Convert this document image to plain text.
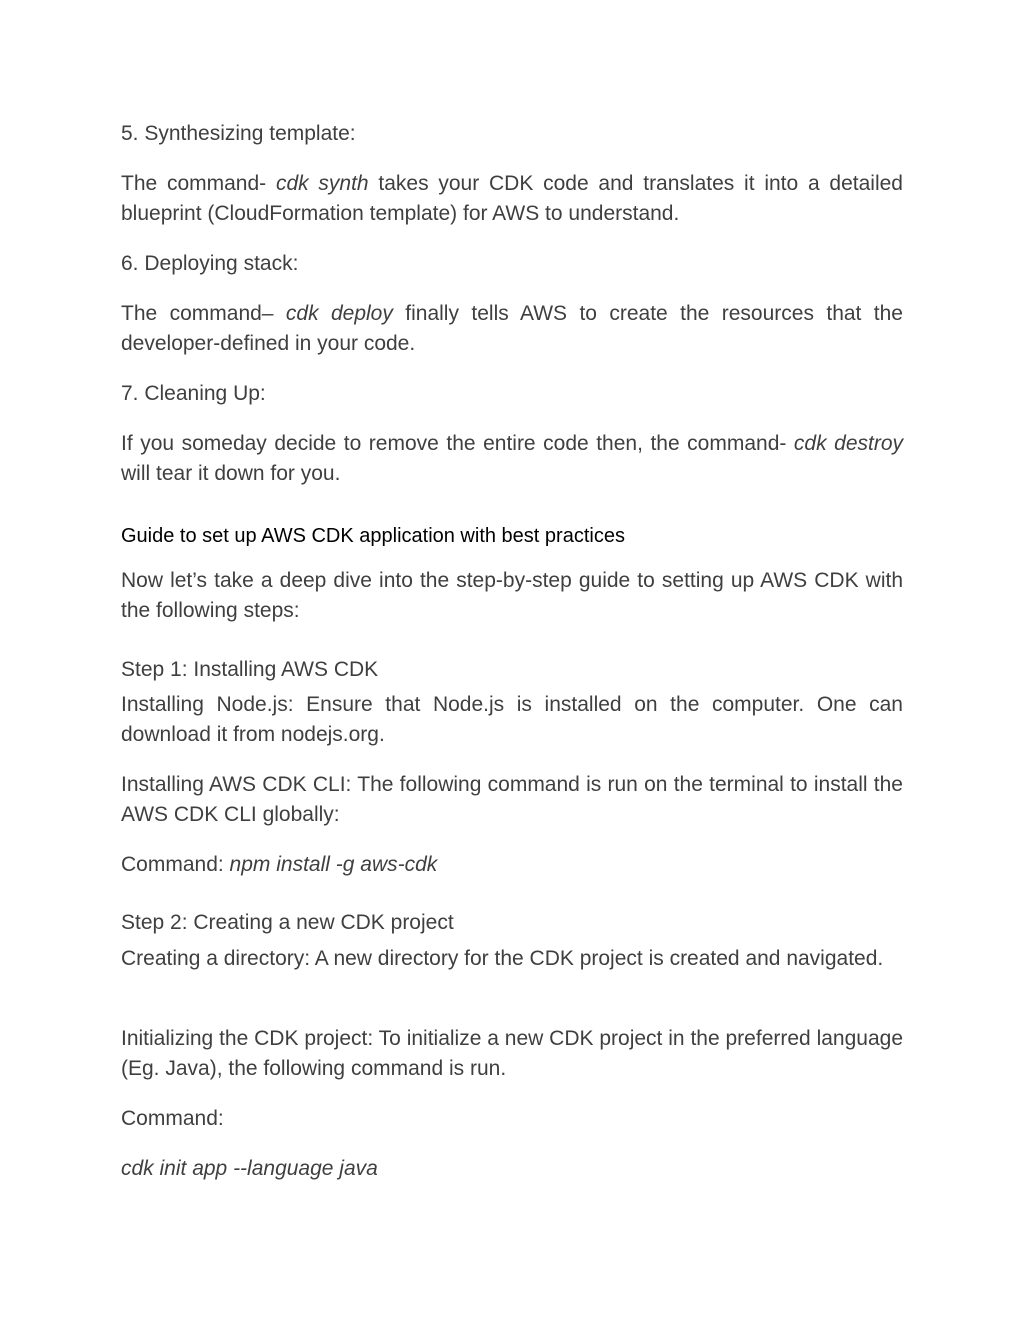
5. Synthesizing template:

The command- cdk synth takes your CDK code and translates it into a detailed blueprint (CloudFormation template) for AWS to understand.

6. Deploying stack:

The command– cdk deploy finally tells AWS to create the resources that the developer-defined in your code.

7. Cleaning Up:

If you someday decide to remove the entire code then, the command- cdk destroy will tear it down for you.

Guide to set up AWS CDK application with best practices

Now let’s take a deep dive into the step-by-step guide to setting up AWS CDK with the following steps:

Step 1: Installing AWS CDK

Installing Node.js: Ensure that Node.js is installed on the computer. One can download it from nodejs.org.

Installing AWS CDK CLI: The following command is run on the terminal to install the AWS CDK CLI globally:

Command: npm install -g aws-cdk

Step 2: Creating a new CDK project

Creating a directory: A new directory for the CDK project is created and navigated.

Initializing the CDK project: To initialize a new CDK project in the preferred language (Eg. Java), the following command is run.

Command:

cdk init app --language java
